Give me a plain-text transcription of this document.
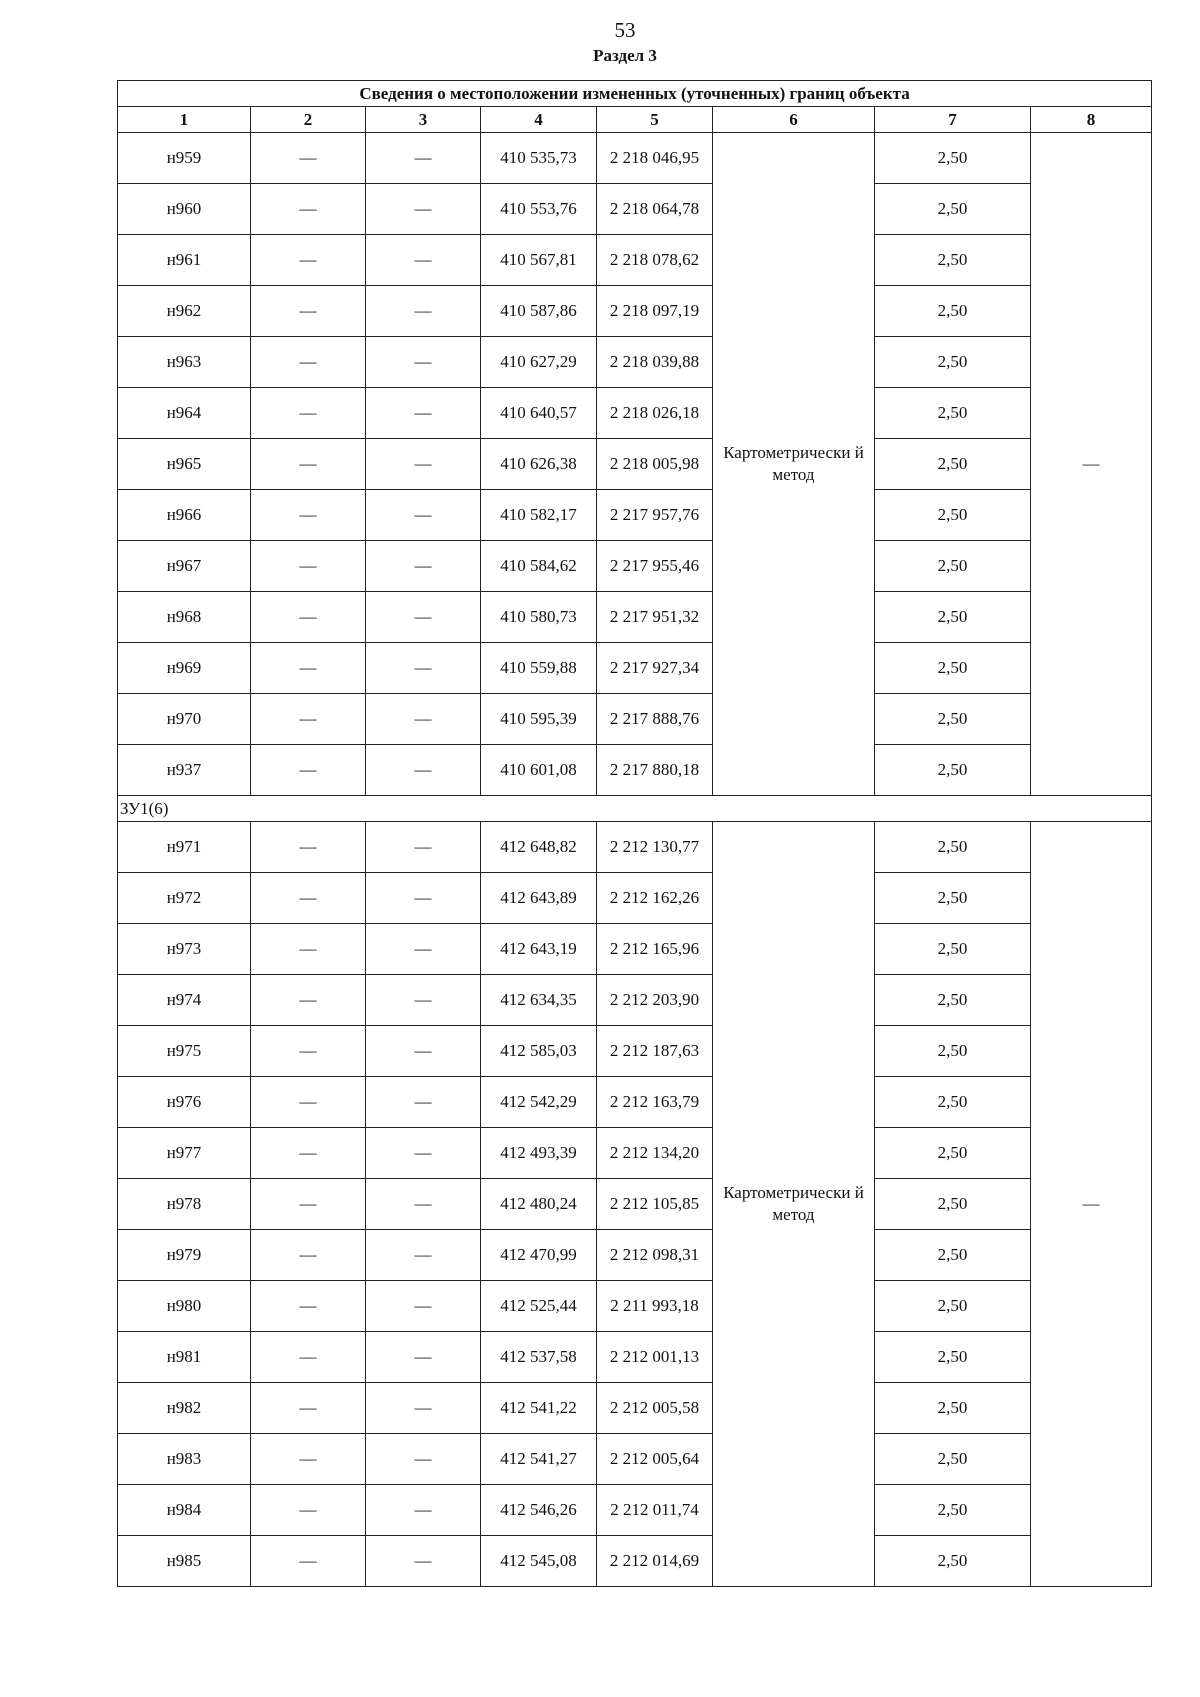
53
Раздел 3
Сведения о местоположении измененных (уточненных) границ объекта							
1	2	3	4	5	6	7	8
н959	—	—	410 535,73	2 218 046,95	Картометрически й метод	2,50	—
н960	—	—	410 553,76	2 218 064,78		2,50	
н961	—	—	410 567,81	2 218 078,62		2,50	
н962	—	—	410 587,86	2 218 097,19		2,50	
н963	—	—	410 627,29	2 218 039,88		2,50	
н964	—	—	410 640,57	2 218 026,18		2,50	
н965	—	—	410 626,38	2 218 005,98		2,50	
н966	—	—	410 582,17	2 217 957,76		2,50	
н967	—	—	410 584,62	2 217 955,46		2,50	
н968	—	—	410 580,73	2 217 951,32		2,50	
н969	—	—	410 559,88	2 217 927,34		2,50	
н970	—	—	410 595,39	2 217 888,76		2,50	
н937	—	—	410 601,08	2 217 880,18		2,50	
ЗУ1(6)							
н971	—	—	412 648,82	2 212 130,77	Картометрически й метод	2,50	—
н972	—	—	412 643,89	2 212 162,26		2,50	
н973	—	—	412 643,19	2 212 165,96		2,50	
н974	—	—	412 634,35	2 212 203,90		2,50	
н975	—	—	412 585,03	2 212 187,63		2,50	
н976	—	—	412 542,29	2 212 163,79		2,50	
н977	—	—	412 493,39	2 212 134,20		2,50	
н978	—	—	412 480,24	2 212 105,85		2,50	
н979	—	—	412 470,99	2 212 098,31		2,50	
н980	—	—	412 525,44	2 211 993,18		2,50	
н981	—	—	412 537,58	2 212 001,13		2,50	
н982	—	—	412 541,22	2 212 005,58		2,50	
н983	—	—	412 541,27	2 212 005,64		2,50	
н984	—	—	412 546,26	2 212 011,74		2,50	
н985	—	—	412 545,08	2 212 014,69		2,50	
